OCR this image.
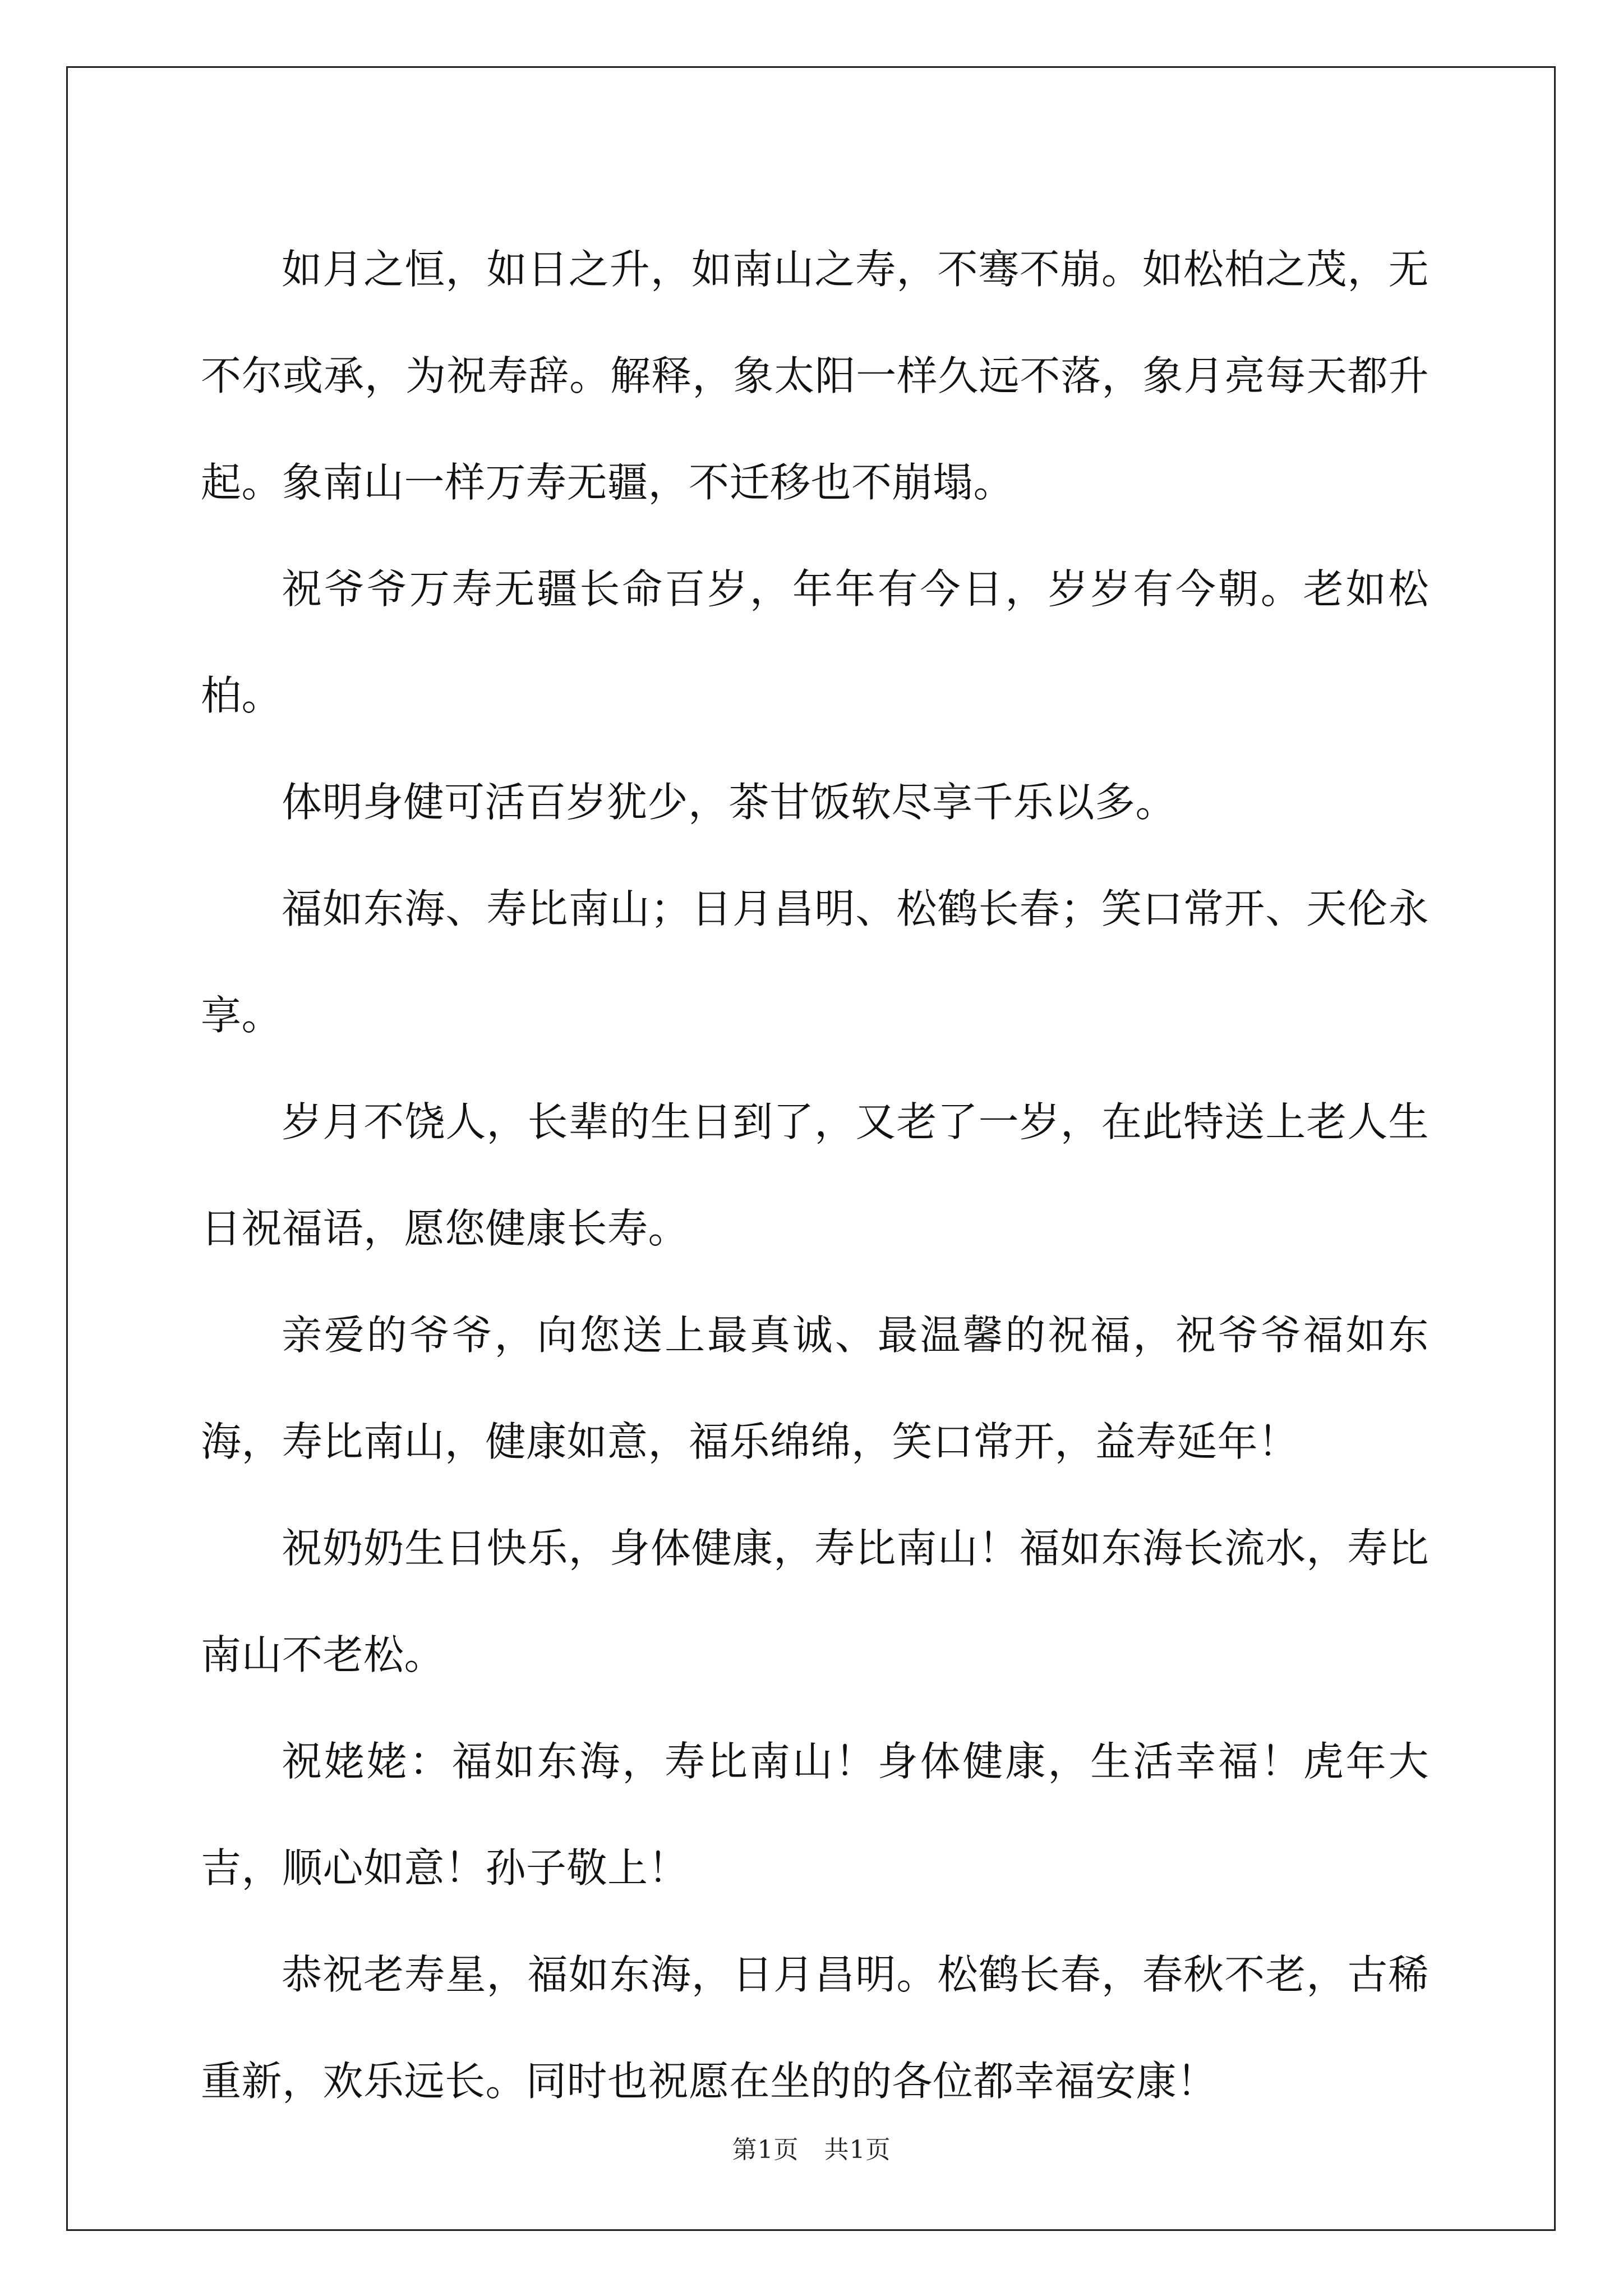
如月之恒，如日之升，如南山之寿，不骞不崩。如松柏之茂，无不尔或承，为祝寿辞。解释，象太阳一样久远不落，象月亮每天都升起。象南山一样万寿无疆，不迁移也不崩塌。

祝爷爷万寿无疆长命百岁，年年有今日，岁岁有今朝。老如松柏。

体明身健可活百岁犹少，茶甘饭软尽享千乐以多。

福如东海、寿比南山；日月昌明、松鹤长春；笑口常开、天伦永享。

岁月不饶人，长辈的生日到了，又老了一岁，在此特送上老人生日祝福语，愿您健康长寿。

亲爱的爷爷，向您送上最真诚、最温馨的祝福，祝爷爷福如东海，寿比南山，健康如意，福乐绵绵，笑口常开，益寿延年！

祝奶奶生日快乐，身体健康，寿比南山！福如东海长流水，寿比南山不老松。

祝姥姥：福如东海，寿比南山！身体健康，生活幸福！虎年大吉，顺心如意！孙子敬上！

恭祝老寿星，福如东海，日月昌明。松鹤长春，春秋不老，古稀重新，欢乐远长。同时也祝愿在坐的的各位都幸福安康！

第1页　共1页
